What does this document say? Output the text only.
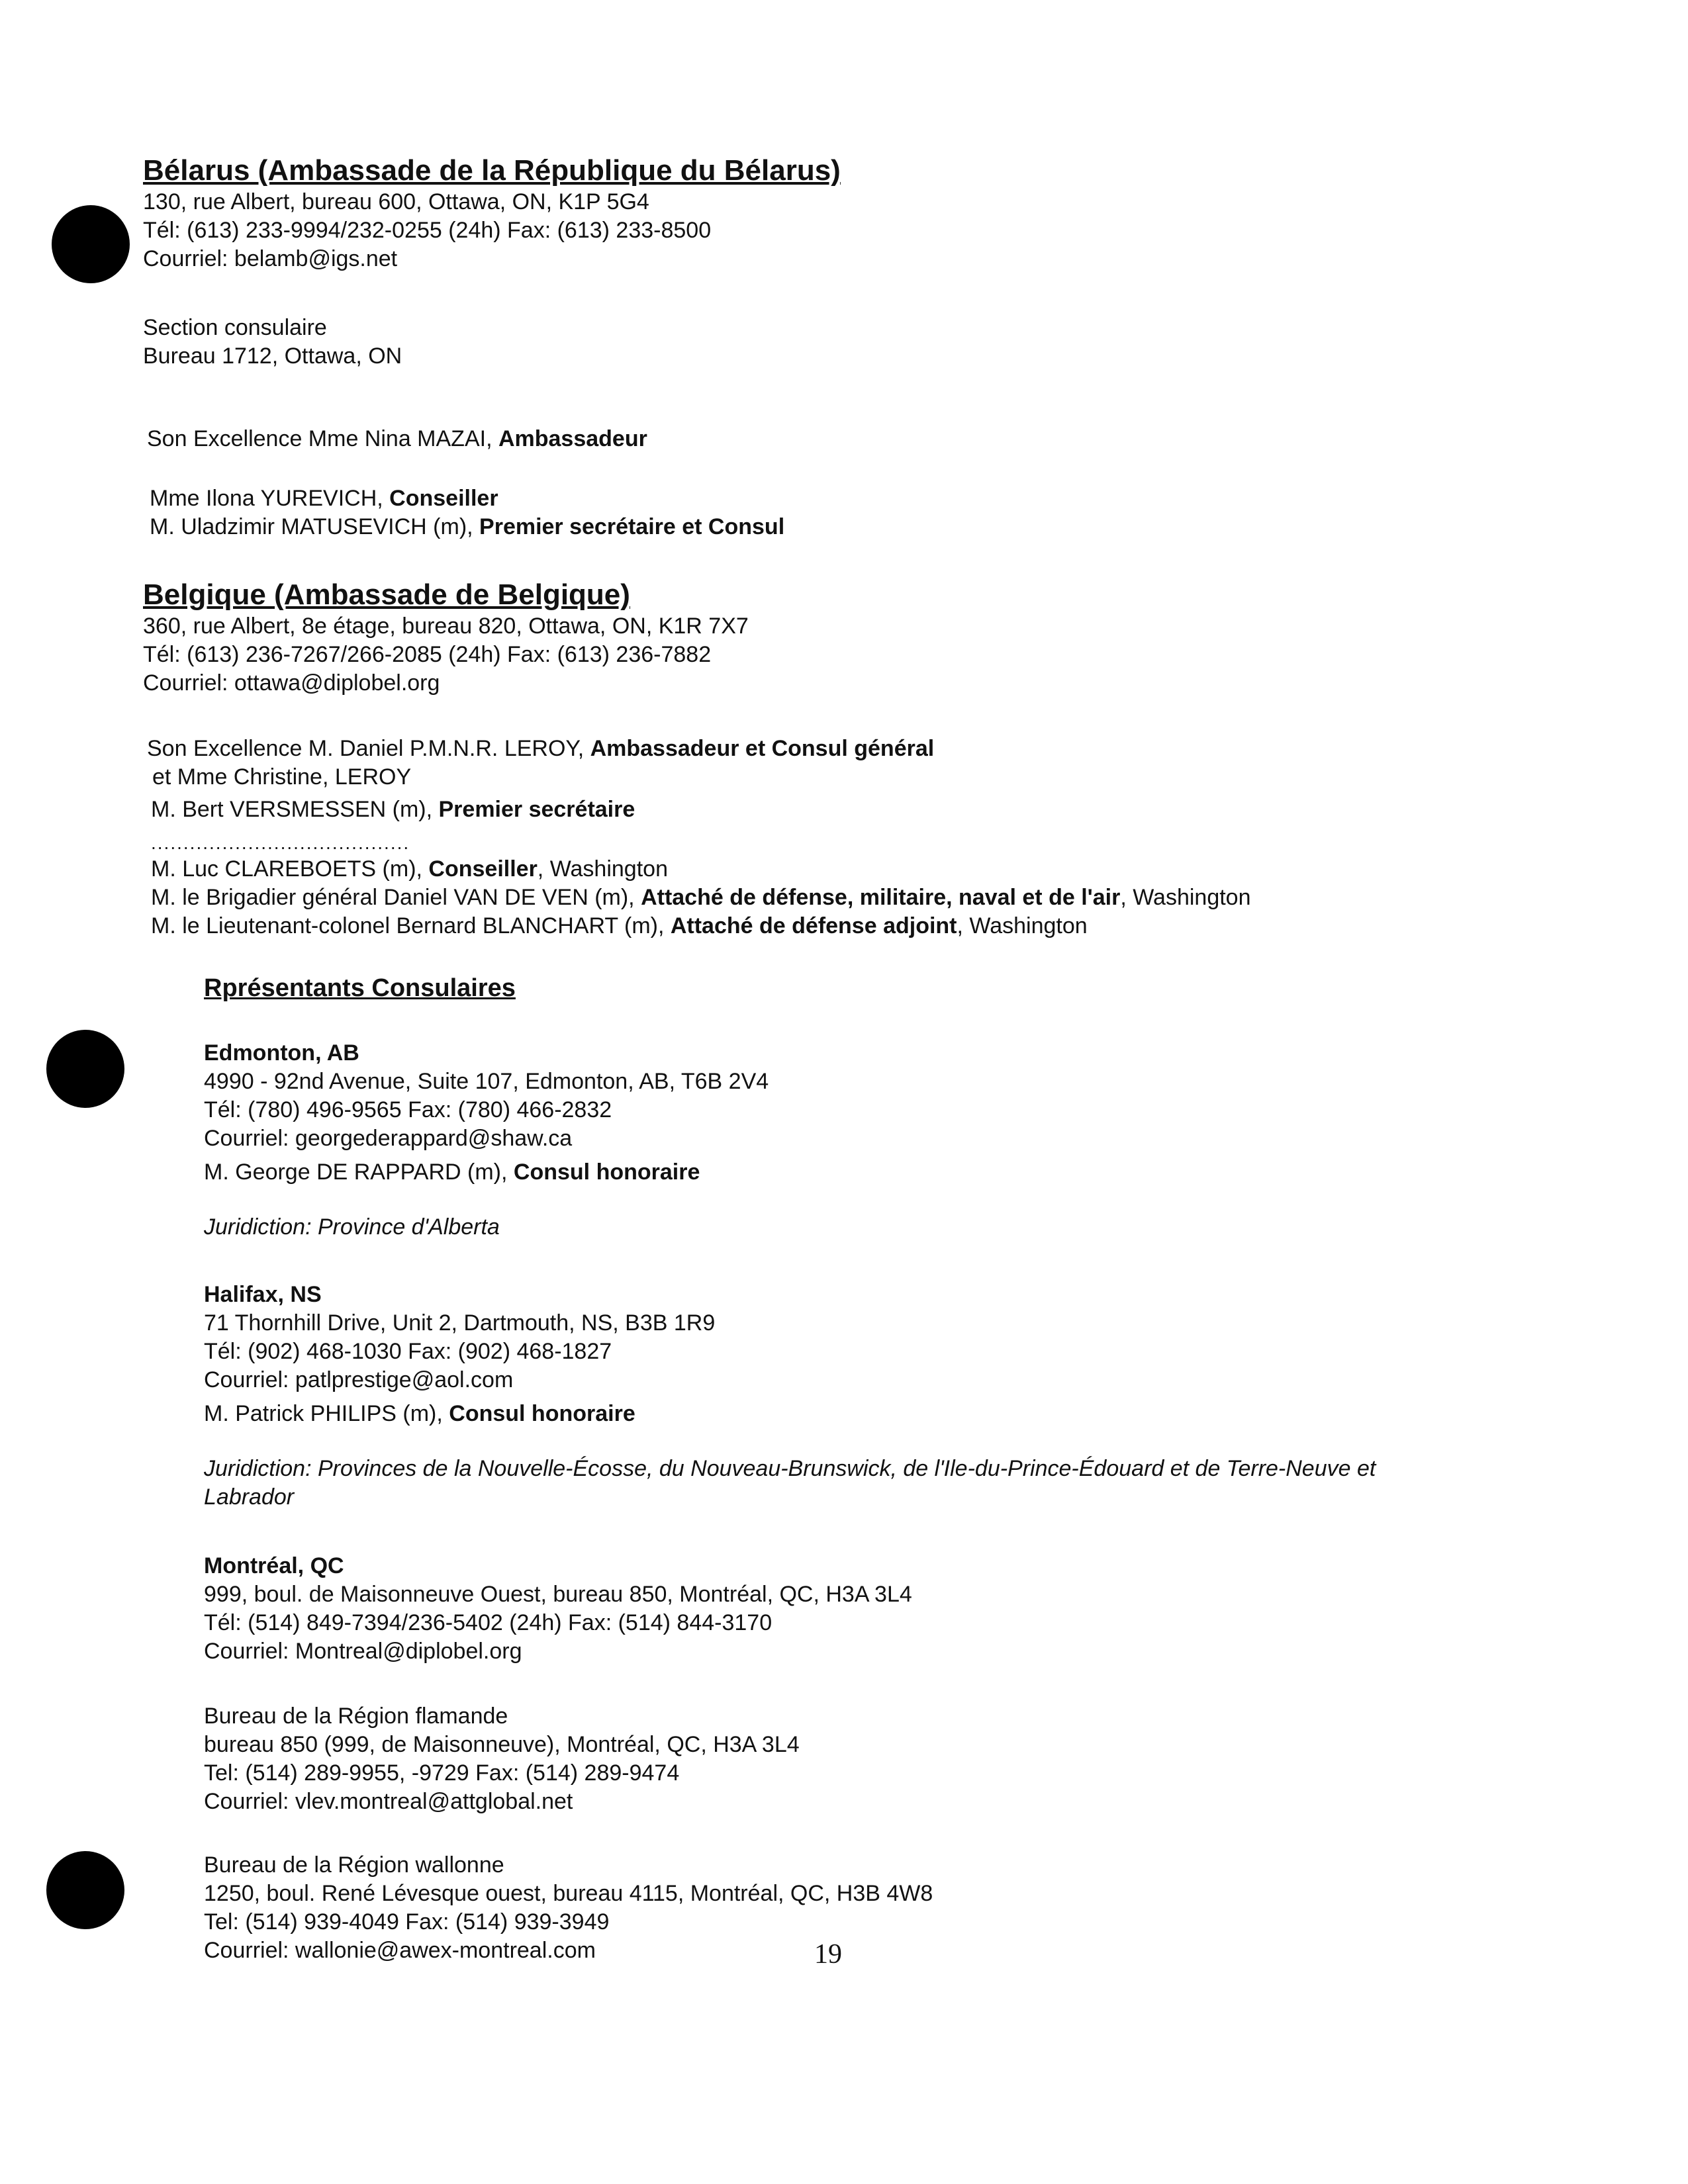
Bélarus (Ambassade de la République du Bélarus)
130, rue Albert, bureau 600, Ottawa, ON, K1P 5G4
Tél: (613) 233-9994/232-0255 (24h) Fax: (613) 233-8500
Courriel: belamb@igs.net
Section consulaire
Bureau 1712, Ottawa, ON
Son Excellence Mme Nina MAZAI, Ambassadeur
Mme Ilona YUREVICH, Conseiller
M. Uladzimir MATUSEVICH (m), Premier secrétaire et Consul
Belgique (Ambassade de Belgique)
360, rue Albert, 8e étage, bureau 820, Ottawa, ON, K1R 7X7
Tél: (613) 236-7267/266-2085 (24h) Fax: (613) 236-7882
Courriel: ottawa@diplobel.org
Son Excellence M. Daniel P.M.N.R. LEROY, Ambassadeur et Consul général
et Mme Christine, LEROY
M. Bert VERSMESSEN (m), Premier secrétaire
........................................
M. Luc CLAREBOETS (m), Conseiller, Washington
M. le Brigadier général Daniel VAN DE VEN (m), Attaché de défense, militaire, naval et de l'air, Washington
M. le Lieutenant-colonel Bernard BLANCHART (m), Attaché de défense adjoint, Washington
Rprésentants Consulaires
Edmonton, AB
4990 - 92nd Avenue, Suite 107, Edmonton, AB, T6B 2V4
Tél: (780) 496-9565 Fax: (780) 466-2832
Courriel: georgederappard@shaw.ca
M. George DE RAPPARD (m), Consul honoraire
Juridiction: Province d'Alberta
Halifax, NS
71 Thornhill Drive, Unit 2, Dartmouth, NS, B3B 1R9
Tél: (902) 468-1030 Fax: (902) 468-1827
Courriel: patlprestige@aol.com
M. Patrick PHILIPS (m), Consul honoraire
Juridiction: Provinces de la Nouvelle-Écosse, du Nouveau-Brunswick, de l'Ile-du-Prince-Édouard et de Terre-Neuve et
Labrador
Montréal, QC
999, boul. de Maisonneuve Ouest, bureau 850, Montréal, QC, H3A 3L4
Tél: (514) 849-7394/236-5402 (24h) Fax: (514) 844-3170
Courriel: Montreal@diplobel.org
Bureau de la Région flamande
bureau 850 (999, de Maisonneuve), Montréal, QC, H3A 3L4
Tel: (514) 289-9955, -9729 Fax: (514) 289-9474
Courriel: vlev.montreal@attglobal.net
Bureau de la Région wallonne
1250, boul. René Lévesque ouest, bureau 4115, Montréal, QC, H3B 4W8
Tel: (514) 939-4049 Fax: (514) 939-3949
Courriel: wallonie@awex-montreal.com	19
